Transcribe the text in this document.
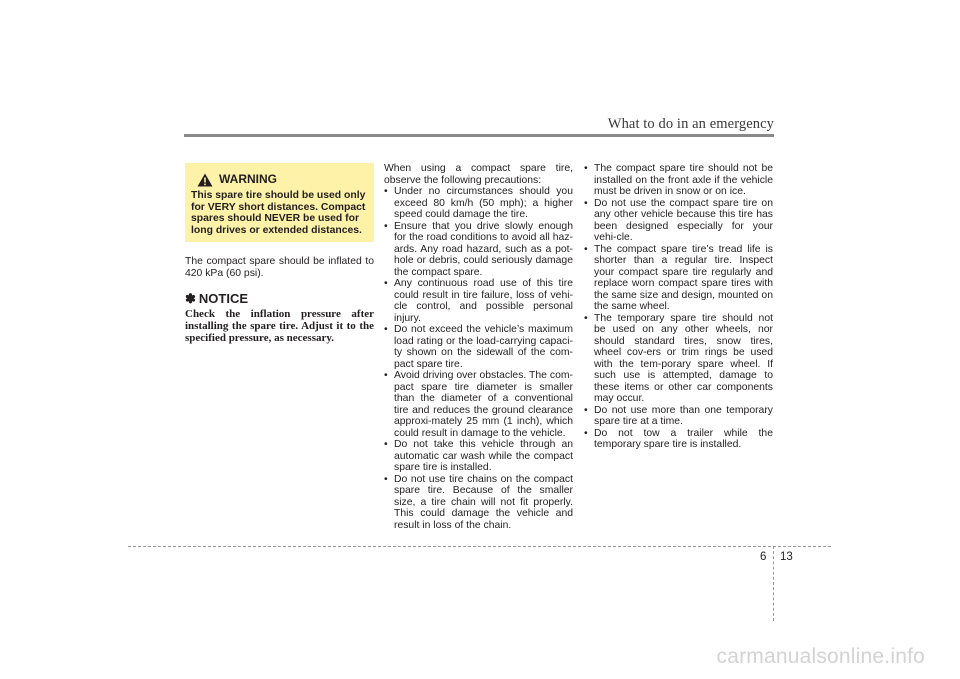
What to do in an emergency
WARNING
This spare tire should be used only for VERY short distances. Compact spares should NEVER be used for long drives or extended distances.

The compact spare should be inflated to 420 kPa (60 psi).

✽ NOTICE
Check the inflation pressure after installing the spare tire. Adjust it to the specified pressure, as necessary.

When using a compact spare tire, observe the following precautions:

• Under no circumstances should you exceed 80 km/h (50 mph); a higher speed could damage the tire.
• Ensure that you drive slowly enough for the road conditions to avoid all haz-ards. Any road hazard, such as a pot-hole or debris, could seriously damage the compact spare.
• Any continuous road use of this tire could result in tire failure, loss of vehi-cle control, and possible personal injury.
• Do not exceed the vehicle’s maximum load rating or the load-carrying capaci-ty shown on the sidewall of the com-pact spare tire.
• Avoid driving over obstacles. The com-pact spare tire diameter is smaller than the diameter of a conventional tire and reduces the ground clearance approxi-mately 25 mm (1 inch), which could result in damage to the vehicle.
• Do not take this vehicle through an automatic car wash while the compact spare tire is installed.
• Do not use tire chains on the compact spare tire. Because of the smaller size, a tire chain will not fit properly. This could damage the vehicle and result in loss of the chain.
• The compact spare tire should not be installed on the front axle if the vehicle must be driven in snow or on ice.
• Do not use the compact spare tire on any other vehicle because this tire has been designed especially for your vehi-cle.
• The compact spare tire’s tread life is shorter than a regular tire. Inspect your compact spare tire regularly and replace worn compact spare tires with the same size and design, mounted on the same wheel.
• The temporary spare tire should not be used on any other wheels, nor should standard tires, snow tires, wheel cov-ers or trim rings be used with the tem-porary spare wheel. If such use is attempted, damage to these items or other car components may occur.
• Do not use more than one temporary spare tire at a time.
• Do not tow a trailer while the temporary spare tire is installed.
6 13
carmanualsonline.info
